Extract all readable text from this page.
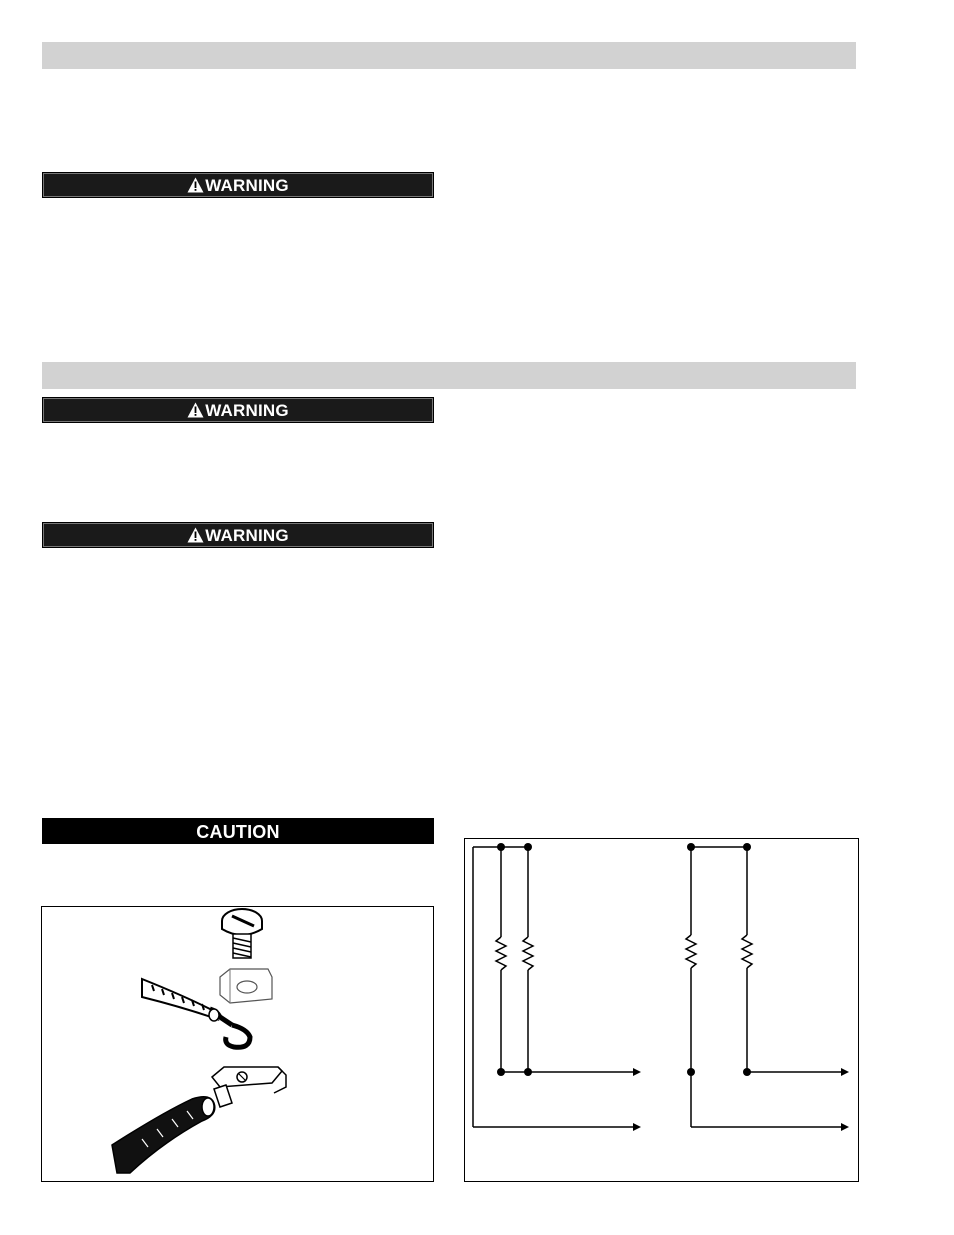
WARNING
WARNING
WARNING
CAUTION
